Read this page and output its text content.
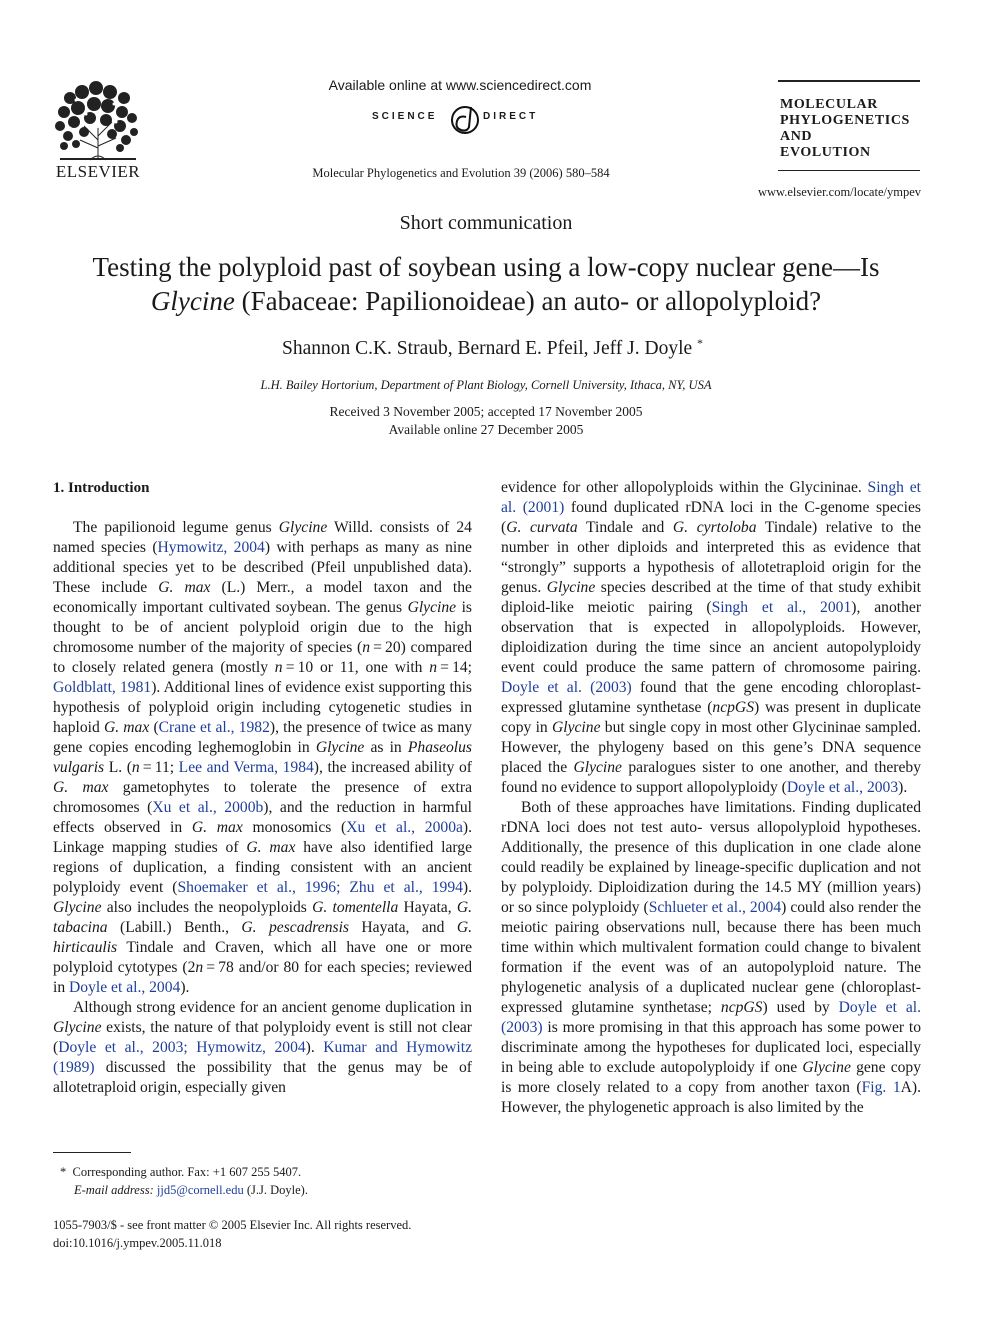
ELSEVIER
Available online at www.sciencedirect.com
SCIENCE	DIRECT
Molecular Phylogenetics and Evolution 39 (2006) 580–584
MOLECULAR
PHYLOGENETICS
AND
EVOLUTION
www.elsevier.com/locate/ympev
Short communication
Testing the polyploid past of soybean using a low-copy nuclear gene—Is
Glycine (Fabaceae: Papilionoideae) an auto- or allopolyploid?
Shannon C.K. Straub, Bernard E. Pfeil, Jeff J. Doyle *
L.H. Bailey Hortorium, Department of Plant Biology, Cornell University, Ithaca, NY, USA
Received 3 November 2005; accepted 17 November 2005
Available online 27 December 2005

1. Introduction

The papilionoid legume genus Glycine Willd. consists of 24 named species (Hymowitz, 2004) with perhaps as many as nine additional species yet to be described (Pfeil unpublished data). These include G. max (L.) Merr., a model taxon and the economically important cultivated soybean. The genus Glycine is thought to be of ancient polyploid origin due to the high chromosome number of the majority of species (n = 20) compared to closely related genera (mostly n = 10 or 11, one with n = 14; Goldblatt, 1981). Additional lines of evidence exist supporting this hypothesis of polyploid origin including cytogenetic studies in haploid G. max (Crane et al., 1982), the presence of twice as many gene copies encoding leghemoglobin in Glycine as in Phaseolus vulgaris L. (n = 11; Lee and Verma, 1984), the increased ability of G. max gametophytes to tolerate the presence of extra chromosomes (Xu et al., 2000b), and the reduction in harmful effects observed in G. max monosomics (Xu et al., 2000a). Linkage mapping studies of G. max have also identified large regions of duplication, a finding consistent with an ancient polyploidy event (Shoemaker et al., 1996; Zhu et al., 1994). Glycine also includes the neopolyploids G. tomentella Hayata, G. tabacina (Labill.) Benth., G. pescadrensis Hayata, and G. hirticaulis Tindale and Craven, which all have one or more polyploid cytotypes (2n = 78 and/or 80 for each species; reviewed in Doyle et al., 2004).

Although strong evidence for an ancient genome duplication in Glycine exists, the nature of that polyploidy event is still not clear (Doyle et al., 2003; Hymowitz, 2004). Kumar and Hymowitz (1989) discussed the possibility that the genus may be of allotetraploid origin, especially given

evidence for other allopolyploids within the Glycininae. Singh et al. (2001) found duplicated rDNA loci in the C-genome species (G. curvata Tindale and G. cyrtoloba Tindale) relative to the number in other diploids and interpreted this as evidence that “strongly” supports a hypothesis of allotetraploid origin for the genus. Glycine species described at the time of that study exhibit diploid-like meiotic pairing (Singh et al., 2001), another observation that is expected in allopolyploids. However, diploidization during the time since an ancient autopolyploidy event could produce the same pattern of chromosome pairing. Doyle et al. (2003) found that the gene encoding chloroplast-expressed glutamine synthetase (ncpGS) was present in duplicate copy in Glycine but single copy in most other Glycininae sampled. However, the phylogeny based on this gene’s DNA sequence placed the Glycine paralogues sister to one another, and thereby found no evidence to support allopolyploidy (Doyle et al., 2003).

Both of these approaches have limitations. Finding duplicated rDNA loci does not test auto- versus allopolyploid hypotheses. Additionally, the presence of this duplication in one clade alone could readily be explained by lineage-specific duplication and not by polyploidy. Diploidization during the 14.5 MY (million years) or so since polyploidy (Schlueter et al., 2004) could also render the meiotic pairing observations null, because there has been much time within which multivalent formation could change to bivalent formation if the event was of an autopolyploid nature. The phylogenetic analysis of a duplicated nuclear gene (chloroplast-expressed glutamine synthetase; ncpGS) used by Doyle et al. (2003) is more promising in that this approach has some power to discriminate among the hypotheses for duplicated loci, especially in being able to exclude autopolyploidy if one Glycine gene copy is more closely related to a copy from another taxon (Fig. 1A). However, the phylogenetic approach is also limited by the

* Corresponding author. Fax: +1 607 255 5407.
E-mail address: jjd5@cornell.edu (J.J. Doyle).
1055-7903/$ - see front matter © 2005 Elsevier Inc. All rights reserved.
doi:10.1016/j.ympev.2005.11.018
